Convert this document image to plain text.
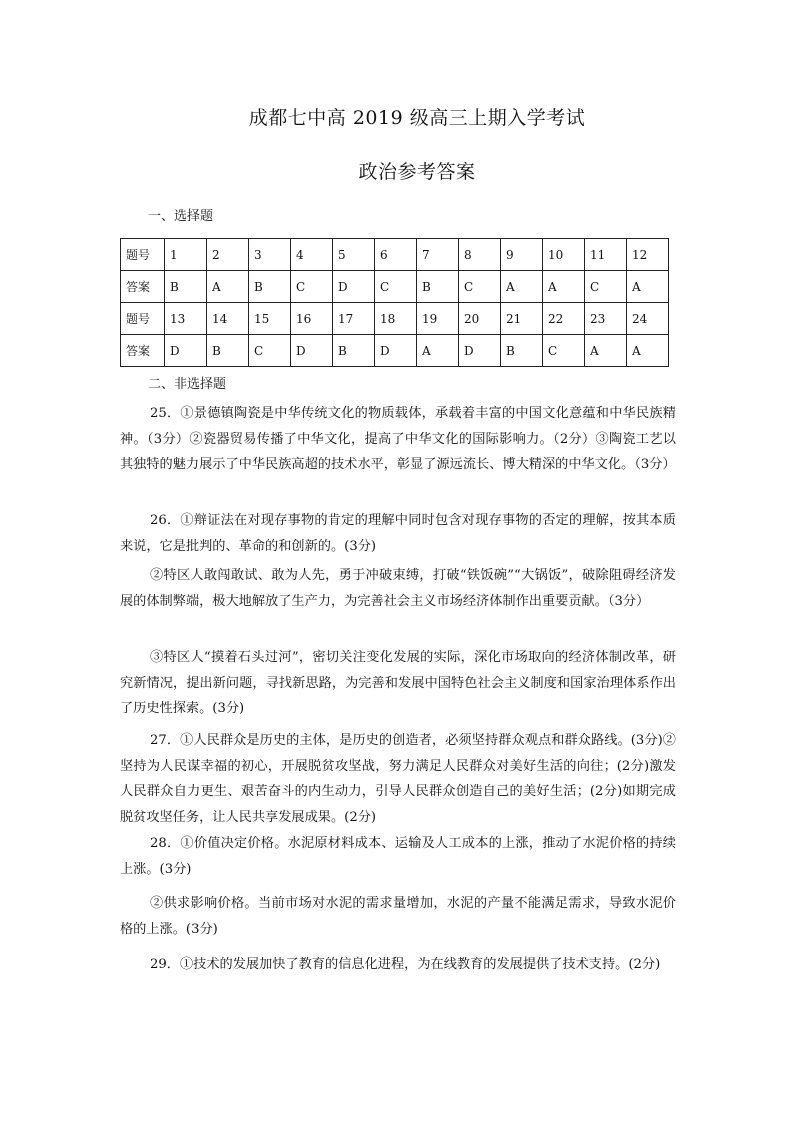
成都七中高 2019 级高三上期入学考试
政治参考答案
一、选择题
题号	1	2	3	4	5	6	7	8	9	10	11	12
答案	B	A	B	C	D	C	B	C	A	A	C	A
题号	13	14	15	16	17	18	19	20	21	22	23	24
答案	D	B	C	D	B	D	A	D	B	C	A	A
二、非选择题
25．①景德镇陶瓷是中华传统文化的物质载体，承载着丰富的中国文化意蕴和中华民族精神。（3分）②瓷器贸易传播了中华文化，提高了中华文化的国际影响力。（2分）③陶瓷工艺以其独特的魅力展示了中华民族高超的技术水平，彰显了源远流长、博大精深的中华文化。（3分）
26．①辩证法在对现存事物的肯定的理解中同时包含对现存事物的否定的理解，按其本质来说，它是批判的、革命的和创新的。(3分)
②特区人敢闯敢试、敢为人先，勇于冲破束缚，打破“铁饭碗”“大锅饭”，破除阻碍经济发展的体制弊端，极大地解放了生产力，为完善社会主义市场经济体制作出重要贡献。（3分）
③特区人“摸着石头过河”，密切关注变化发展的实际，深化市场取向的经济体制改革，研究新情况，提出新问题，寻找新思路，为完善和发展中国特色社会主义制度和国家治理体系作出了历史性探索。(3分)
27．①人民群众是历史的主体，是历史的创造者，必须坚持群众观点和群众路线。(3分)②坚持为人民谋幸福的初心，开展脱贫攻坚战，努力满足人民群众对美好生活的向往；(2分)激发人民群众自力更生、艰苦奋斗的内生动力，引导人民群众创造自己的美好生活；(2分)如期完成脱贫攻坚任务，让人民共享发展成果。(2分)
28．①价值决定价格。水泥原材料成本、运输及人工成本的上涨，推动了水泥价格的持续上涨。(3分)
②供求影响价格。当前市场对水泥的需求量增加，水泥的产量不能满足需求，导致水泥价格的上涨。(3分)
29．①技术的发展加快了教育的信息化进程，为在线教育的发展提供了技术支持。(2分)
